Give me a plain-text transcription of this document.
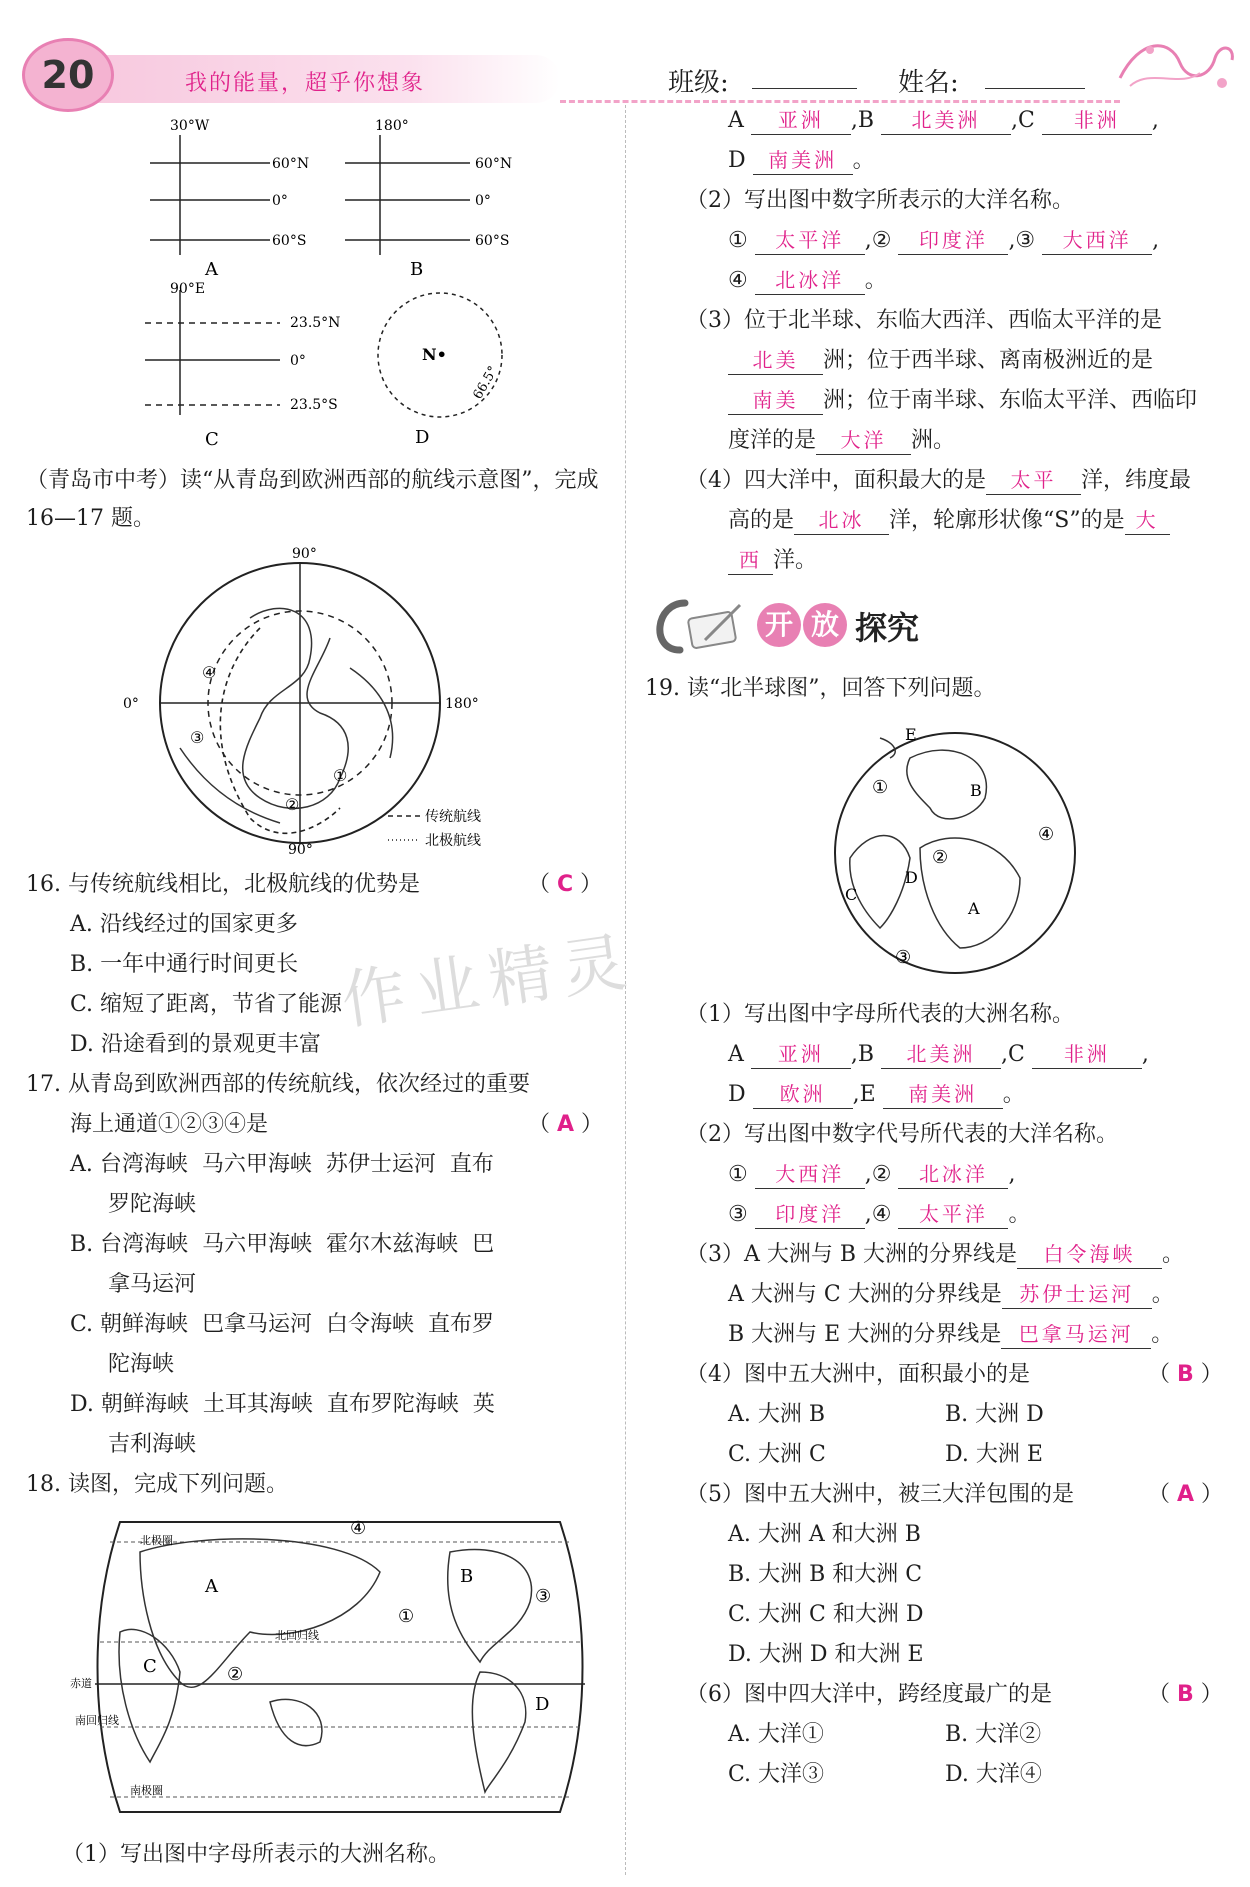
20	我的能量，超乎你想象	班级:	姓名:
30°W
60°N
0°
60°S
A
180°
60°N
0°
60°S
B
90°E
23.5°N
0°
23.5°S
C
N•
66.5°
D
（青岛市中考）读“从青岛到欧洲西部的航线示意图”，完成16—17 题。
90°
0°	180°
90°
④
③
①
②
传统航线
北极航线
16. 与传统航线相比，北极航线的优势是	（ C ）
A. 沿线经过的国家更多
B. 一年中通行时间更长
C. 缩短了距离，节省了能源
D. 沿途看到的景观更丰富
作业精灵
17. 从青岛到欧洲西部的传统航线，依次经过的重要
海上通道①②③④是	（ A ）
A. 台湾海峡  马六甲海峡  苏伊士运河  直布
罗陀海峡
B. 台湾海峡  马六甲海峡  霍尔木兹海峡  巴
拿马运河
C. 朝鲜海峡  巴拿马运河  白令海峡  直布罗
陀海峡
D. 朝鲜海峡  土耳其海峡  直布罗陀海峡  英
吉利海峡
18. 读图，完成下列问题。
北极圈
北回归线
赤道
南回归线
南极圈
A	B
C
D
①
②
③
④
（1）写出图中字母所表示的大洲名称。
A 亚洲 ,B 北美洲 ,C 非洲 ,
D 南美洲 。
（2）写出图中数字所表示的大洋名称。
① 太平洋 ,② 印度洋 ,③ 大西洋 ,
④ 北冰洋 。
（3）位于北半球、东临大西洋、西临太平洋的是
北美 洲；位于西半球、离南极洲近的是
南美 洲；位于南半球、东临太平洋、西临印
度洋的是 大洋 洲。
（4）四大洋中，面积最大的是 太平 洋，纬度最
高的是 北冰 洋，轮廓形状像“S”的是 大
西 洋。
开 放 探究
19. 读“北半球图”，回答下列问题。
E
B
C
A
D
①
②
③
④
（1）写出图中字母所代表的大洲名称。
A 亚洲 ,B 北美洲 ,C 非洲 ,
D 欧洲 ,E 南美洲 。
（2）写出图中数字代号所代表的大洋名称。
① 大西洋 ,② 北冰洋 ,
③ 印度洋 ,④ 太平洋 。
（3）A 大洲与 B 大洲的分界线是 白令海峡 。
A 大洲与 C 大洲的分界线是 苏伊士运河 。
B 大洲与 E 大洲的分界线是 巴拿马运河 。
（4）图中五大洲中，面积最小的是	（ B ）
A. 大洲 B	B. 大洲 D
C. 大洲 C	D. 大洲 E
（5）图中五大洲中，被三大洋包围的是	（ A ）
A. 大洲 A 和大洲 B
B. 大洲 B 和大洲 C
C. 大洲 C 和大洲 D
D. 大洲 D 和大洲 E
（6）图中四大洋中，跨经度最广的是	（ B ）
A. 大洋①	B. 大洋②
C. 大洋③	D. 大洋④
